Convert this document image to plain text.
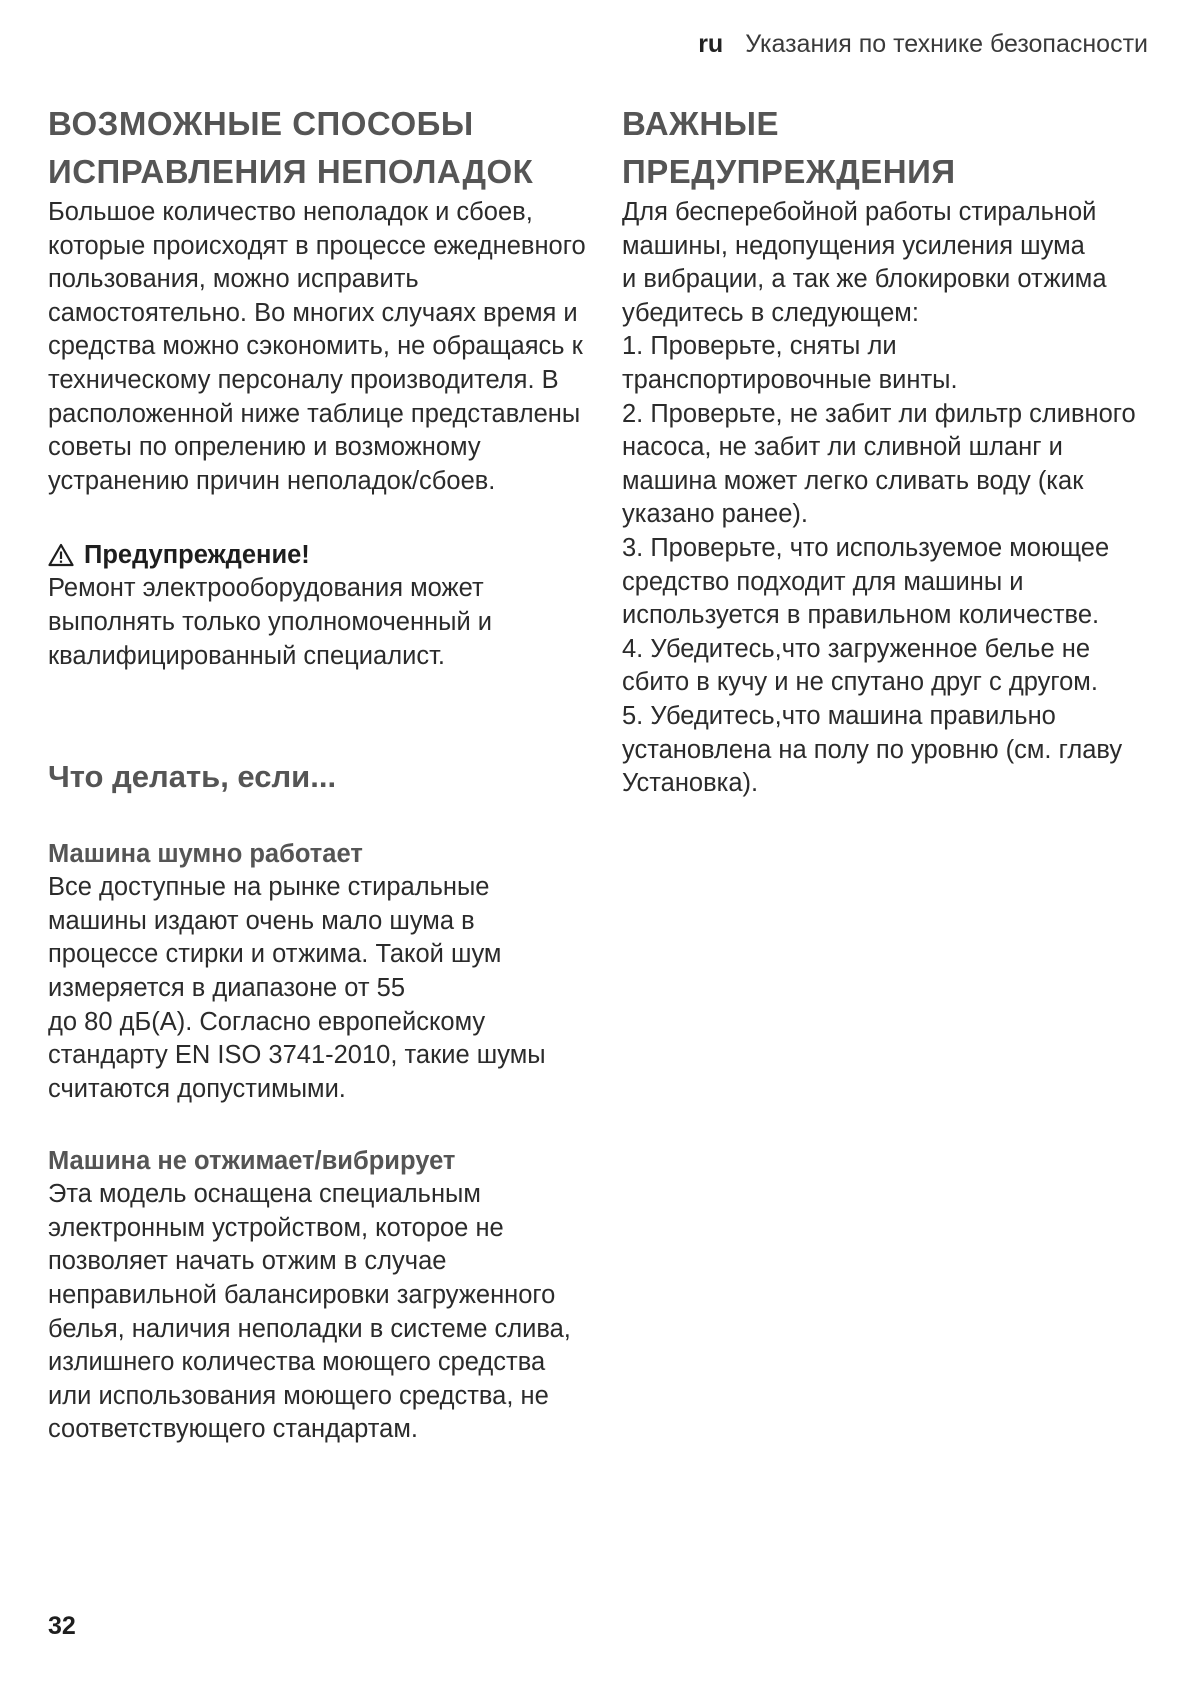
ru Указания по технике безопасности
ВОЗМОЖНЫЕ СПОСОБЫ ИСПРАВЛЕНИЯ НЕПОЛАДОК

Большое количество неполадок и сбоев, которые происходят в процессе ежедневного пользования, можно исправить самостоятельно. Во многих случаях время и средства можно сэкономить, не обращаясь к техническому персоналу производителя. В расположенной ниже таблице представлены советы по опрелению и возможному устранению причин неполадок/сбоев.

Предупреждение!

Ремонт электрооборудования может выполнять только уполномоченный и квалифицированный специалист.

Что делать, если...
Машина шумно работает

Все доступные на рынке стиральные машины издают очень мало шума в процессе стирки и отжима. Такой шум измеряется в диапазоне от 55
до 80 дБ(А). Согласно европейскому стандарту EN ISO 3741-2010, такие шумы считаются допустимыми.

Машина не отжимает/вибрирует

Эта модель оснащена специальным электронным устройством, которое не позволяет начать отжим в случае неправильной балансировки загруженного белья, наличия неполадки в системе слива, излишнего количества моющего средства или использования моющего средства, не соответствующего стандартам.

ВАЖНЫЕ ПРЕДУПРЕЖДЕНИЯ

Для бесперебойной работы стиральной машины, недопущения усиления шума
и вибрации, а так же блокировки отжима убедитесь в следующем:
1. Проверьте, сняты ли транспортировочные винты.
2. Проверьте, не забит ли фильтр сливного насоса, не забит ли сливной шланг и машина может легко сливать воду (как указано ранее).
3. Проверьте, что используемое моющее средство подходит для машины и используется в правильном количестве.
4. Убедитесь,что загруженное белье не сбито в кучу и не спутано друг с другом.
5. Убедитесь,что машина правильно установлена на полу по уровню (см. главу Установка).

32
